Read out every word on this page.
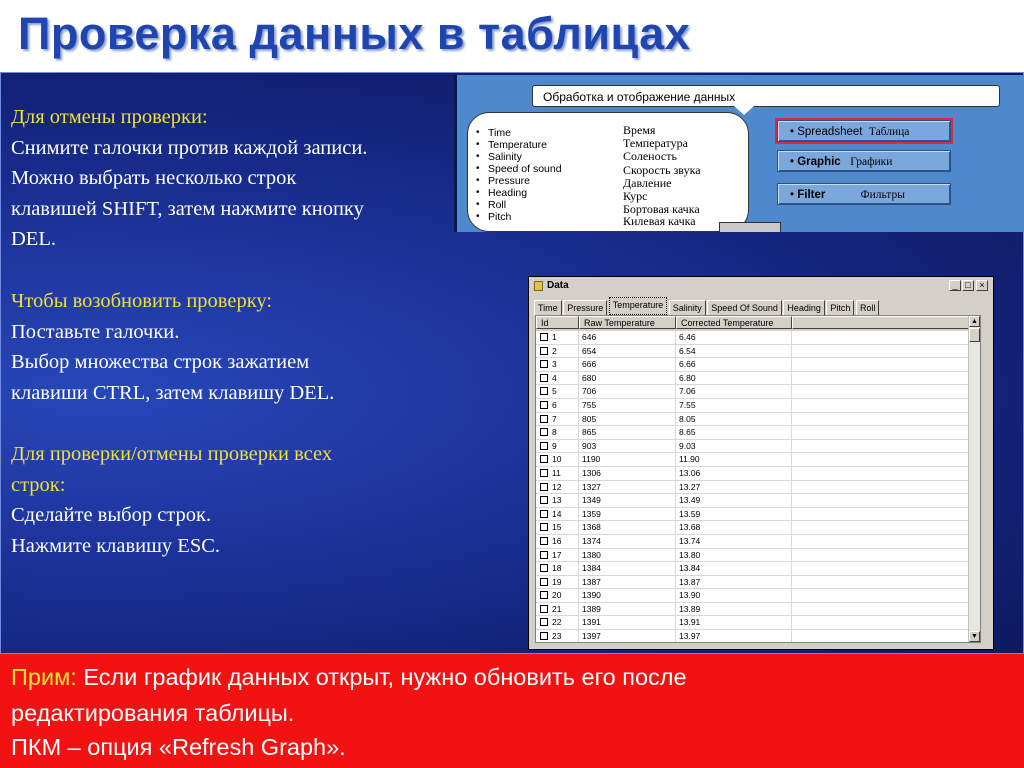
Проверка данных в таблицах
Для отмены проверки:
Снимите галочки против каждой записи.
Можно выбрать несколько строк
клавишей SHIFT, затем нажмите кнопку
DEL.
Чтобы возобновить проверку:
Поставьте галочки.
Выбор множества строк зажатием
клавиши CTRL, затем клавишу DEL.
Для проверки/отмены проверки всех
строк:
Сделайте выбор строк.
Нажмите клавишу ESC.
Обработка и отображение данных
• Time
• Temperature
• Salinity
• Speed of sound
• Pressure
• Heading
• Roll
• Pitch
Время
Температура
Соленость
Скорость звука
Давление
Курс
Бортовая качка
Килевая качка
• Spreadsheet Таблица
• Graphic Графики
• Filter	Фильтры
Data	_ □ ×
Time Pressure Temperature Salinity Speed Of Sound Heading Pitch Roll
Id	Raw Temperature	Corrected Temperature
1	646	6.46
2	654	6.54
3	666	6.66
4	680	6.80
5	706	7.06
6	755	7.55
7	805	8.05
8	865	8.65
9	903	9.03
10	1190	11.90
11	1306	13.06
12	1327	13.27
13	1349	13.49
14	1359	13.59
15	1368	13.68
16	1374	13.74
17	1380	13.80
18	1384	13.84
19	1387	13.87
20	1390	13.90
21	1389	13.89
22	1391	13.91
23	1397	13.97
▲
▼
Прим: Если график данных открыт, нужно обновить его после
редактирования таблицы.
ПКМ – опция «Refresh Graph».
